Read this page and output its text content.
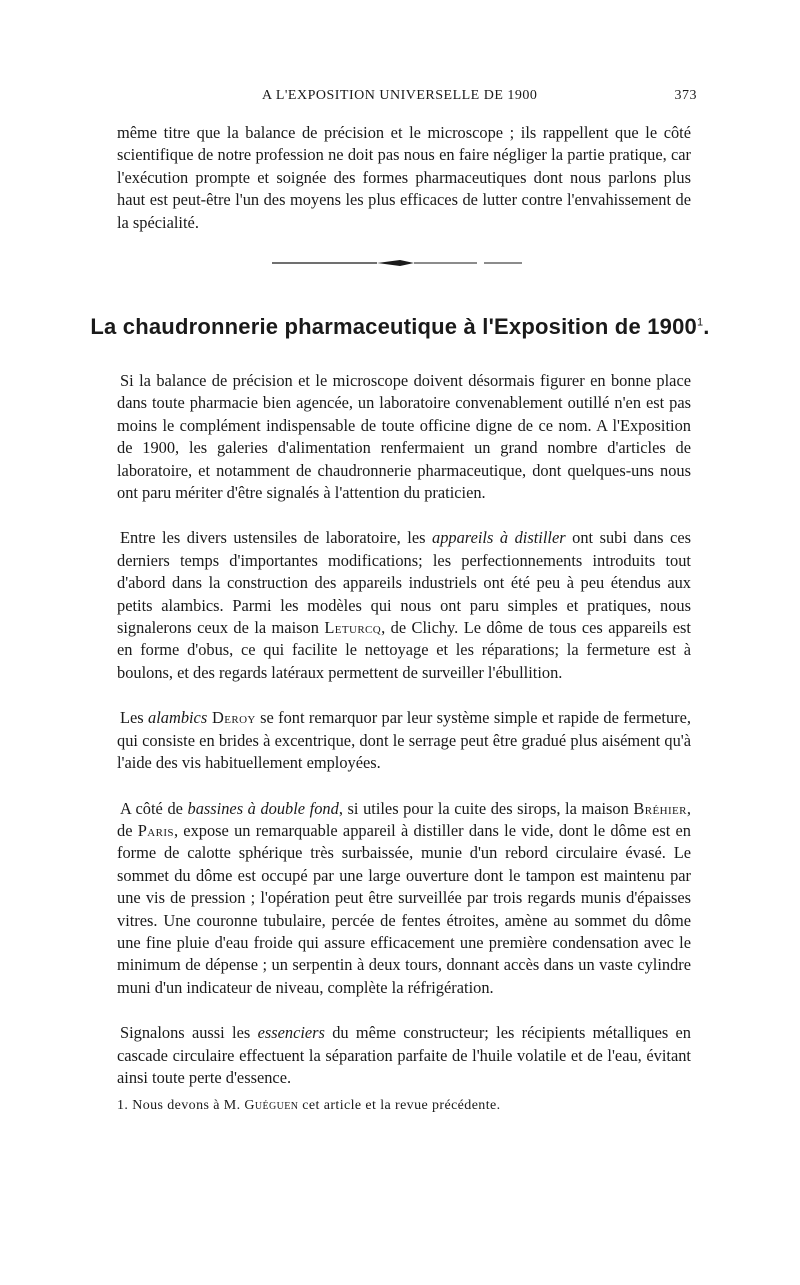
A L'EXPOSITION UNIVERSELLE DE 1900	373

même titre que la balance de précision et le microscope ; ils rappellent que le côté scientifique de notre profession ne doit pas nous en faire négliger la partie pratique, car l'exécution prompte et soignée des formes pharmaceutiques dont nous parlons plus haut est peut-être l'un des moyens les plus efficaces de lutter contre l'envahissement de la spécialité.

La chaudronnerie pharmaceutique à l'Exposition de 1900$^1$.

Si la balance de précision et le microscope doivent désormais figurer en bonne place dans toute pharmacie bien agencée, un laboratoire convenablement outillé n'en est pas moins le complément indispensable de toute officine digne de ce nom. A l'Exposition de 1900, les galeries d'alimentation renfermaient un grand nombre d'articles de laboratoire, et notamment de chaudronnerie pharmaceutique, dont quelques-uns nous ont paru mériter d'être signalés à l'attention du praticien.

Entre les divers ustensiles de laboratoire, les appareils à distiller ont subi dans ces derniers temps d'importantes modifications; les perfectionnements introduits tout d'abord dans la construction des appareils industriels ont été peu à peu étendus aux petits alambics. Parmi les modèles qui nous ont paru simples et pratiques, nous signalerons ceux de la maison Leturcq, de Clichy. Le dôme de tous ces appareils est en forme d'obus, ce qui facilite le nettoyage et les réparations; la fermeture est à boulons, et des regards latéraux permettent de surveiller l'ébullition.

Les alambics Deroy se font remarquor par leur système simple et rapide de fermeture, qui consiste en brides à excentrique, dont le serrage peut être gradué plus aisément qu'à l'aide des vis habituellement employées.

A côté de bassines à double fond, si utiles pour la cuite des sirops, la maison Bréhier, de Paris, expose un remarquable appareil à distiller dans le vide, dont le dôme est en forme de calotte sphérique très surbaissée, munie d'un rebord circulaire évasé. Le sommet du dôme est occupé par une large ouverture dont le tampon est maintenu par une vis de pression ; l'opération peut être surveillée par trois regards munis d'épaisses vitres. Une couronne tubulaire, percée de fentes étroites, amène au sommet du dôme une fine pluie d'eau froide qui assure efficacement une première condensation avec le minimum de dépense ; un serpentin à deux tours, donnant accès dans un vaste cylindre muni d'un indicateur de niveau, complète la réfrigération.

Signalons aussi les essenciers du même constructeur; les récipients métalliques en cascade circulaire effectuent la séparation parfaite de l'huile volatile et de l'eau, évitant ainsi toute perte d'essence.

1. Nous devons à M. Guéguen cet article et la revue précédente.
